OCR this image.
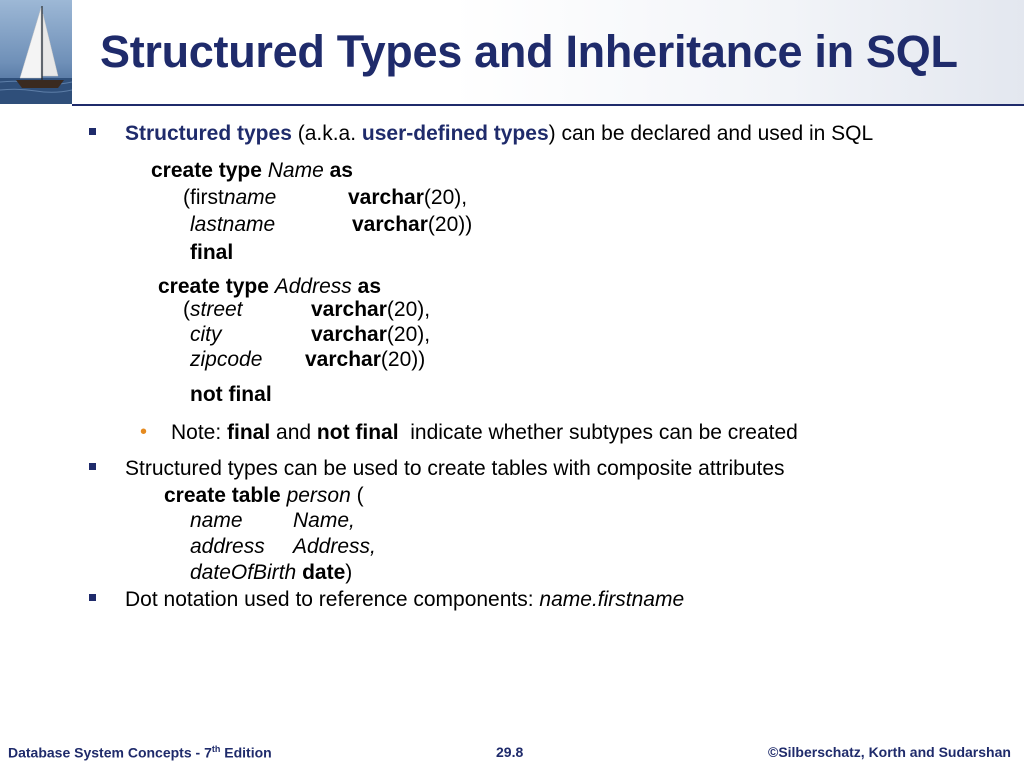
Structured Types and Inheritance in SQL
Structured types (a.k.a. user-defined types) can be declared and used in SQL
create type Name as
(firstname	varchar(20),
lastname	varchar(20))
final
create type Address as
(street	varchar(20),
city	varchar(20),
zipcode varchar(20))
not final
• Note: final and not final  indicate whether subtypes can be created
Structured types can be used to create tables with composite attributes
create table person (
name Name,
address Address,
dateOfBirth date)
Dot notation used to reference components: name.firstname
Database System Concepts - 7th Edition	29.8	©Silberschatz, Korth and Sudarshan
